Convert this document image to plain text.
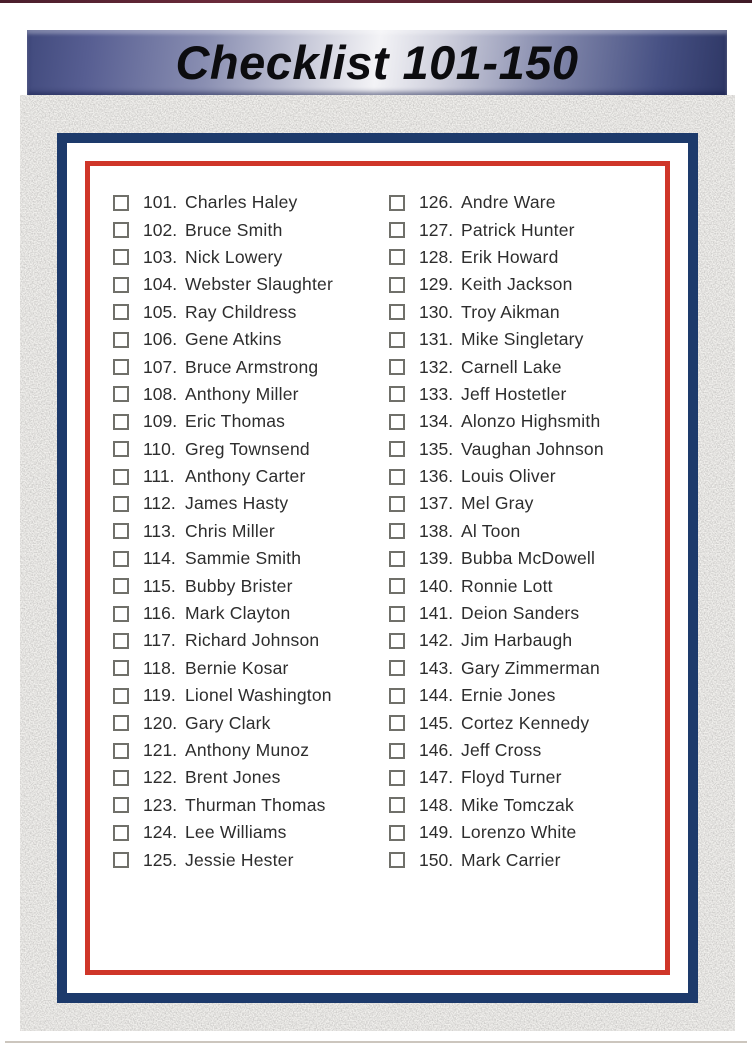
Checklist 101-150
101. Charles Haley
102. Bruce Smith
103. Nick Lowery
104. Webster Slaughter
105. Ray Childress
106. Gene Atkins
107. Bruce Armstrong
108. Anthony Miller
109. Eric Thomas
110. Greg Townsend
111. Anthony Carter
112. James Hasty
113. Chris Miller
114. Sammie Smith
115. Bubby Brister
116. Mark Clayton
117. Richard Johnson
118. Bernie Kosar
119. Lionel Washington
120. Gary Clark
121. Anthony Munoz
122. Brent Jones
123. Thurman Thomas
124. Lee Williams
125. Jessie Hester
126. Andre Ware
127. Patrick Hunter
128. Erik Howard
129. Keith Jackson
130. Troy Aikman
131. Mike Singletary
132. Carnell Lake
133. Jeff Hostetler
134. Alonzo Highsmith
135. Vaughan Johnson
136. Louis Oliver
137. Mel Gray
138. Al Toon
139. Bubba McDowell
140. Ronnie Lott
141. Deion Sanders
142. Jim Harbaugh
143. Gary Zimmerman
144. Ernie Jones
145. Cortez Kennedy
146. Jeff Cross
147. Floyd Turner
148. Mike Tomczak
149. Lorenzo White
150. Mark Carrier
